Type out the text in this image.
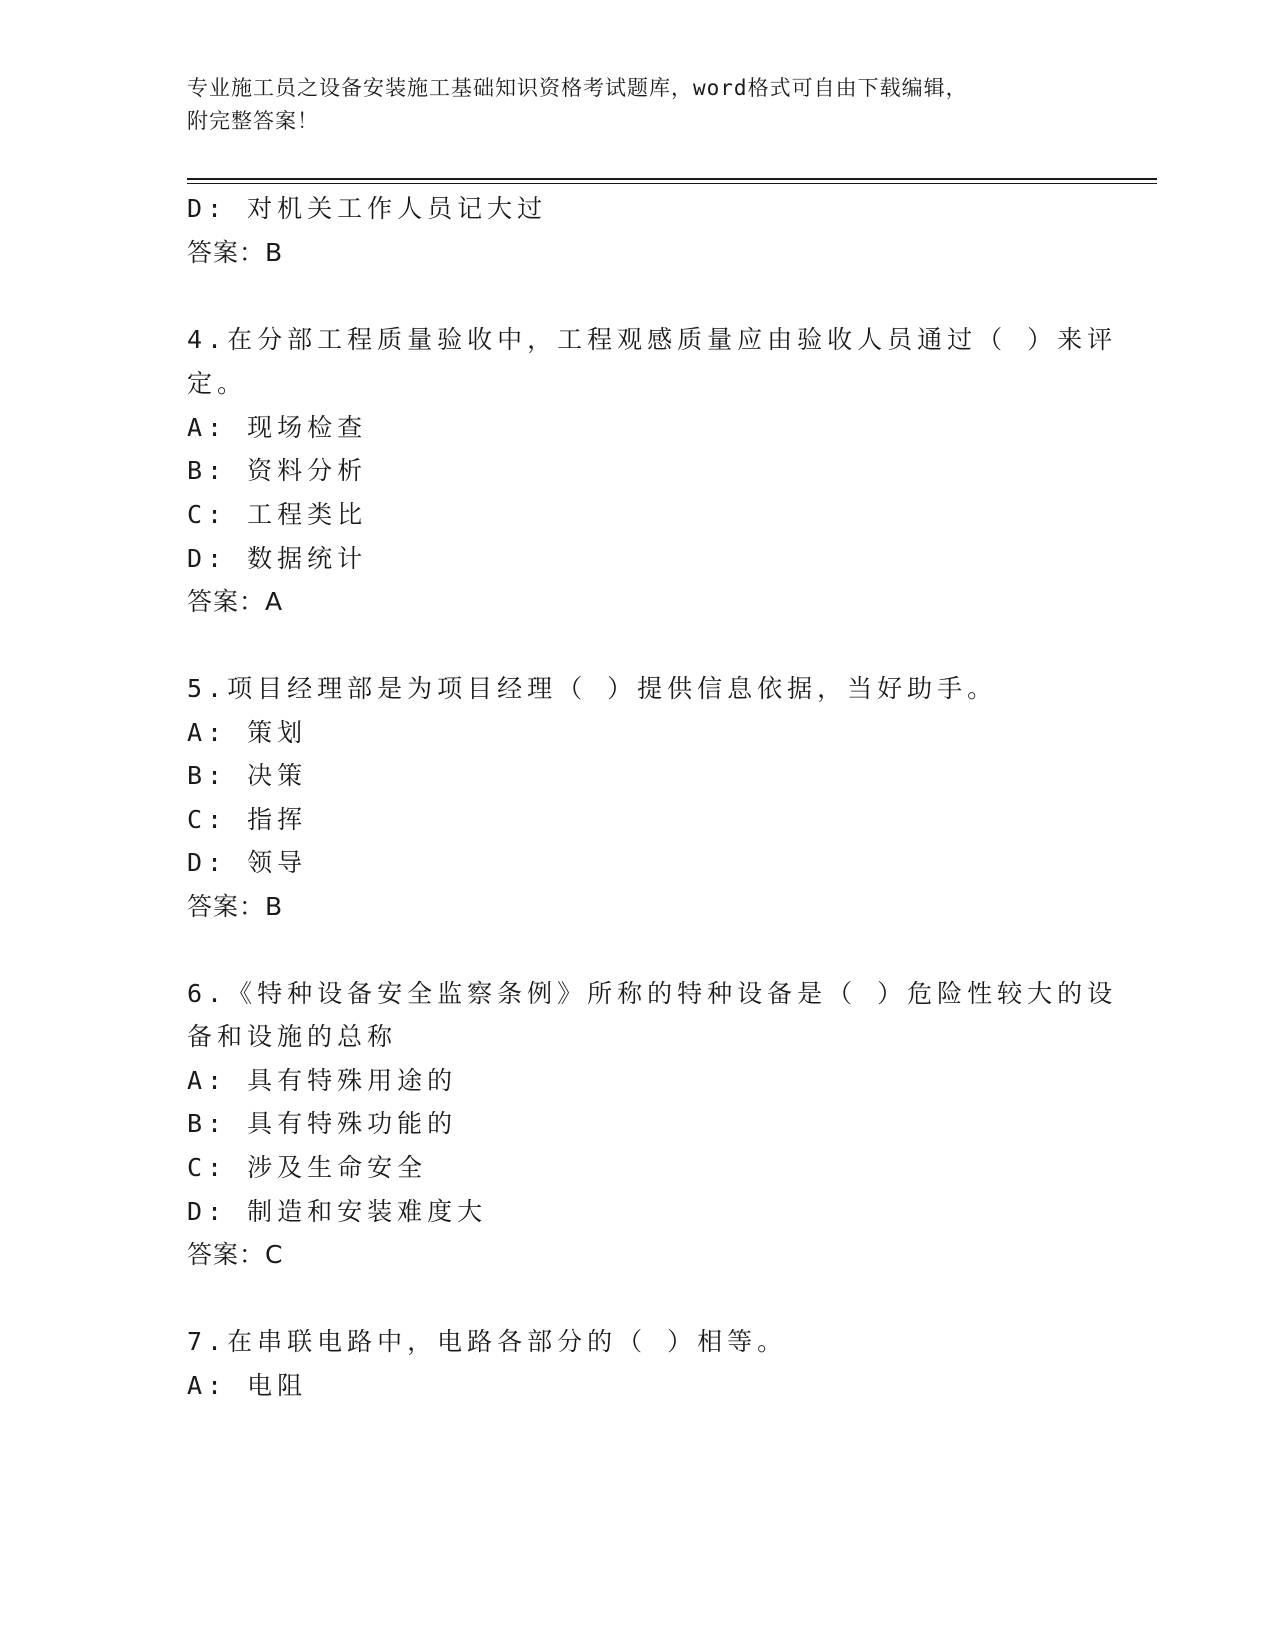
专业施工员之设备安装施工基础知识资格考试题库，word格式可自由下载编辑，
附完整答案！
D: 对机关工作人员记大过
答案：B
4.在分部工程质量验收中，工程观感质量应由验收人员通过（ ）来评
定。
A: 现场检查
B: 资料分析
C: 工程类比
D: 数据统计
答案：A
5.项目经理部是为项目经理（ ）提供信息依据，当好助手。
A: 策划
B: 决策
C: 指挥
D: 领导
答案：B
6.《特种设备安全监察条例》所称的特种设备是（ ）危险性较大的设
备和设施的总称
A: 具有特殊用途的
B: 具有特殊功能的
C: 涉及生命安全
D: 制造和安装难度大
答案：C
7.在串联电路中，电路各部分的（ ）相等。
A: 电阻
